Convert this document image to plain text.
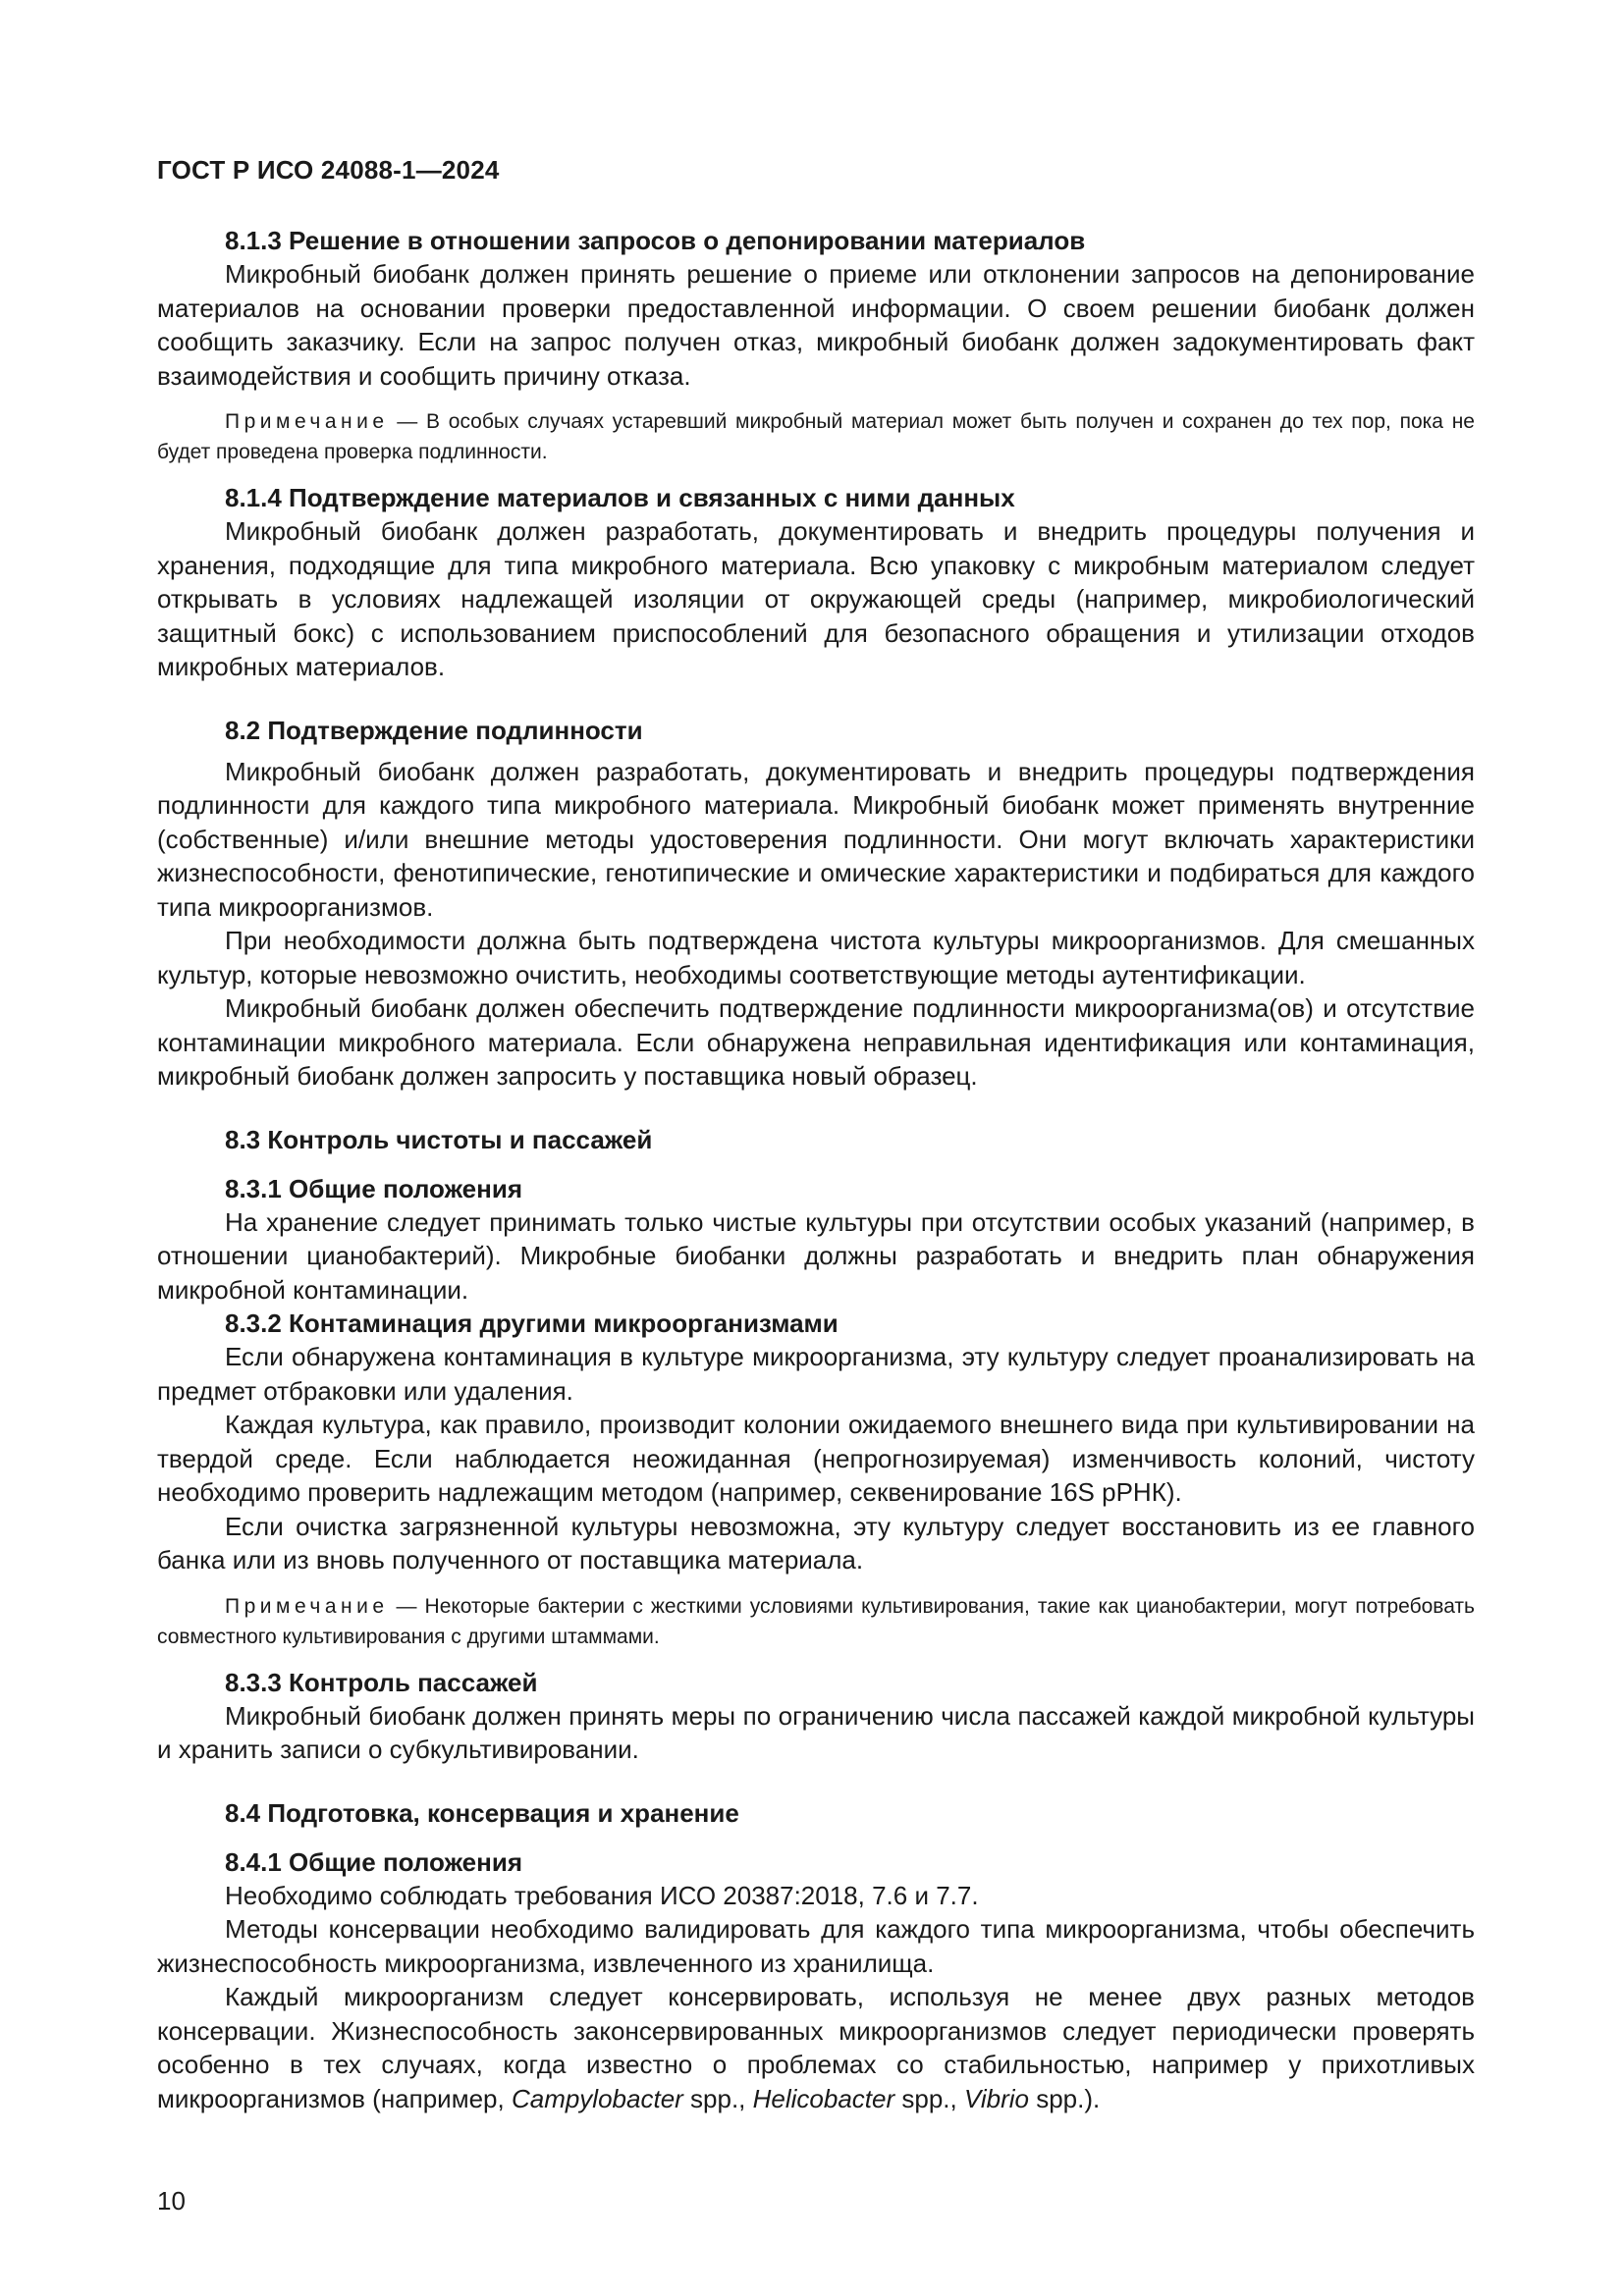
ГОСТ Р ИСО 24088-1—2024

8.1.3 Решение в отношении запросов о депонировании материалов

Микробный биобанк должен принять решение о приеме или отклонении запросов на депонирование материалов на основании проверки предоставленной информации. О своем решении биобанк должен сообщить заказчику. Если на запрос получен отказ, микробный биобанк должен задокументировать факт взаимодействия и сообщить причину отказа.

Примечание — В особых случаях устаревший микробный материал может быть получен и сохранен до тех пор, пока не будет проведена проверка подлинности.

8.1.4 Подтверждение материалов и связанных с ними данных

Микробный биобанк должен разработать, документировать и внедрить процедуры получения и хранения, подходящие для типа микробного материала. Всю упаковку с микробным материалом следует открывать в условиях надлежащей изоляции от окружающей среды (например, микробиологический защитный бокс) с использованием приспособлений для безопасного обращения и утилизации отходов микробных материалов.

8.2 Подтверждение подлинности

Микробный биобанк должен разработать, документировать и внедрить процедуры подтверждения подлинности для каждого типа микробного материала. Микробный биобанк может применять внутренние (собственные) и/или внешние методы удостоверения подлинности. Они могут включать характеристики жизнеспособности, фенотипические, генотипические и омические характеристики и подбираться для каждого типа микроорганизмов.

При необходимости должна быть подтверждена чистота культуры микроорганизмов. Для смешанных культур, которые невозможно очистить, необходимы соответствующие методы аутентификации.

Микробный биобанк должен обеспечить подтверждение подлинности микроорганизма(ов) и отсутствие контаминации микробного материала. Если обнаружена неправильная идентификация или контаминация, микробный биобанк должен запросить у поставщика новый образец.

8.3 Контроль чистоты и пассажей

8.3.1 Общие положения

На хранение следует принимать только чистые культуры при отсутствии особых указаний (например, в отношении цианобактерий). Микробные биобанки должны разработать и внедрить план обнаружения микробной контаминации.

8.3.2 Контаминация другими микроорганизмами

Если обнаружена контаминация в культуре микроорганизма, эту культуру следует проанализировать на предмет отбраковки или удаления.

Каждая культура, как правило, производит колонии ожидаемого внешнего вида при культивировании на твердой среде. Если наблюдается неожиданная (непрогнозируемая) изменчивость колоний, чистоту необходимо проверить надлежащим методом (например, секвенирование 16S рРНК).

Если очистка загрязненной культуры невозможна, эту культуру следует восстановить из ее главного банка или из вновь полученного от поставщика материала.

Примечание — Некоторые бактерии с жесткими условиями культивирования, такие как цианобактерии, могут потребовать совместного культивирования с другими штаммами.

8.3.3 Контроль пассажей

Микробный биобанк должен принять меры по ограничению числа пассажей каждой микробной культуры и хранить записи о субкультивировании.

8.4 Подготовка, консервация и хранение

8.4.1 Общие положения

Необходимо соблюдать требования ИСО 20387:2018, 7.6 и 7.7.

Методы консервации необходимо валидировать для каждого типа микроорганизма, чтобы обеспечить жизнеспособность микроорганизма, извлеченного из хранилища.

Каждый микроорганизм следует консервировать, используя не менее двух разных методов консервации. Жизнеспособность законсервированных микроорганизмов следует периодически проверять особенно в тех случаях, когда известно о проблемах со стабильностью, например у прихотливых микроорганизмов (например, Campylobacter spp., Helicobacter spp., Vibrio spp.).

10
